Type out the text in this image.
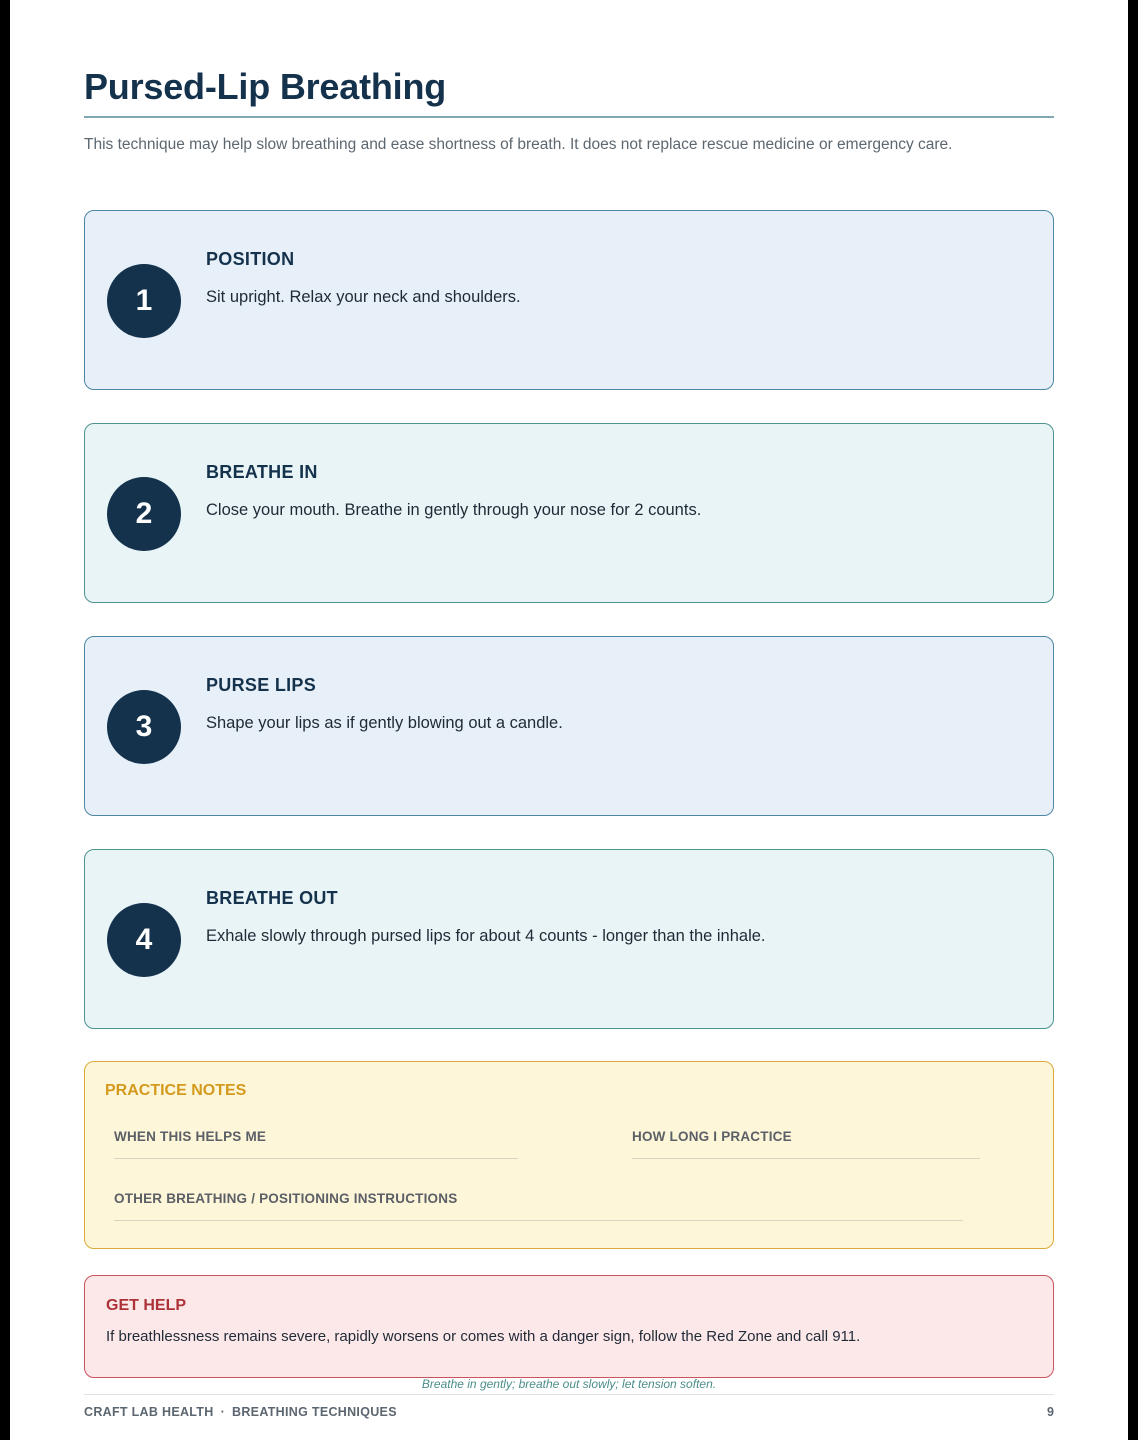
Pursed-Lip Breathing

This technique may help slow breathing and ease shortness of breath. It does not replace rescue medicine or emergency care.

1
POSITION
Sit upright. Relax your neck and shoulders.
2
BREATHE IN
Close your mouth. Breathe in gently through your nose for 2 counts.
3
PURSE LIPS
Shape your lips as if gently blowing out a candle.
4
BREATHE OUT
Exhale slowly through pursed lips for about 4 counts - longer than the inhale.
PRACTICE NOTES
WHEN THIS HELPS ME	HOW LONG I PRACTICE
OTHER BREATHING / POSITIONING INSTRUCTIONS
GET HELP
If breathlessness remains severe, rapidly worsens or comes with a danger sign, follow the Red Zone and call 911.
Breathe in gently; breathe out slowly; let tension soften.
CRAFT LAB HEALTH · BREATHING TECHNIQUES	9
